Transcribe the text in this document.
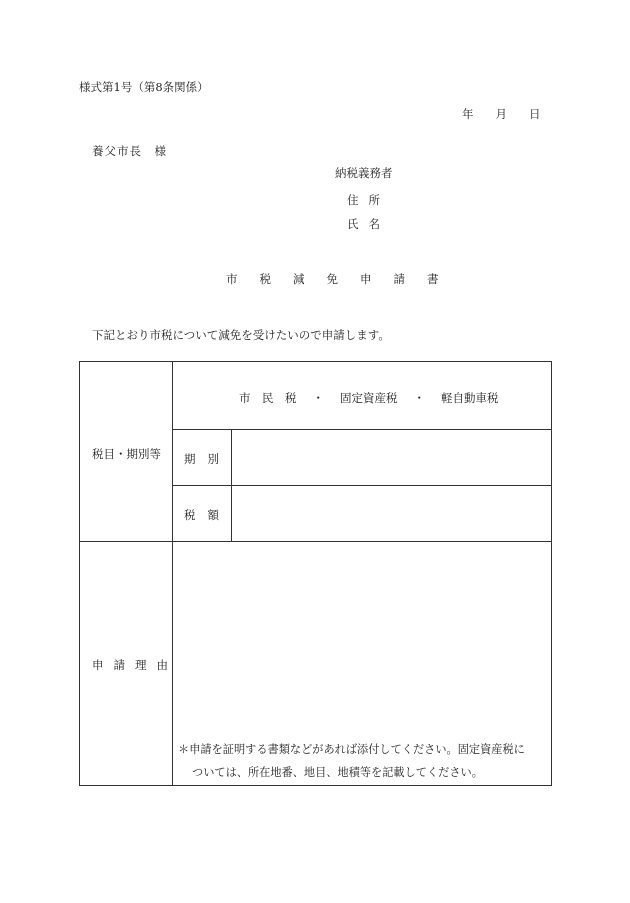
様式第1号（第8条関係）
年 月 日
養父市長　様
納税義務者
住所
氏名
市税減免申請書
下記とおり市税について減免を受けたいので申請します。
税目・期別等
市　民　税 ・ 固定資産税 ・ 軽自動車税
期別
税額
申請理由
＊申請を証明する書類などがあれば添付してください。固定資産税に
ついては、所在地番、地目、地積等を記載してください。
